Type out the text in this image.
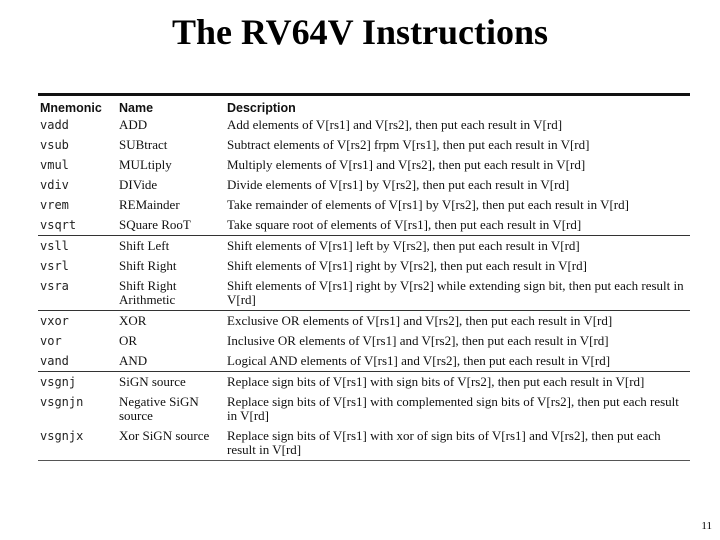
The RV64V Instructions
Mnemonic	Name	Description
vadd	ADD	Add elements of V[rs1] and V[rs2], then put each result in V[rd]
vsub	SUBtract	Subtract elements of V[rs2] frpm V[rs1], then put each result in V[rd]
vmul	MULtiply	Multiply elements of V[rs1] and V[rs2], then put each result in V[rd]
vdiv	DIVide	Divide elements of V[rs1] by V[rs2], then put each result in V[rd]
vrem	REMainder	Take remainder of elements of V[rs1] by V[rs2], then put each result in V[rd]
vsqrt	SQuare RooT	Take square root of elements of V[rs1], then put each result in V[rd]
vsll	Shift Left	Shift elements of V[rs1] left by V[rs2], then put each result in V[rd]
vsrl	Shift Right	Shift elements of V[rs1] right by V[rs2], then put each result in V[rd]
vsra	Shift Right Arithmetic	Shift elements of V[rs1] right by V[rs2] while extending sign bit, then put each result in V[rd]
vxor	XOR	Exclusive OR elements of V[rs1] and V[rs2], then put each result in V[rd]
vor	OR	Inclusive OR elements of V[rs1] and V[rs2], then put each result in V[rd]
vand	AND	Logical AND elements of V[rs1] and V[rs2], then put each result in V[rd]
vsgnj	SiGN source	Replace sign bits of V[rs1] with sign bits of V[rs2], then put each result in V[rd]
vsgnjn	Negative SiGN source	Replace sign bits of V[rs1] with complemented sign bits of V[rs2], then put each result in V[rd]
vsgnjx	Xor SiGN source	Replace sign bits of V[rs1] with xor of sign bits of V[rs1] and V[rs2], then put each result in V[rd]
11
